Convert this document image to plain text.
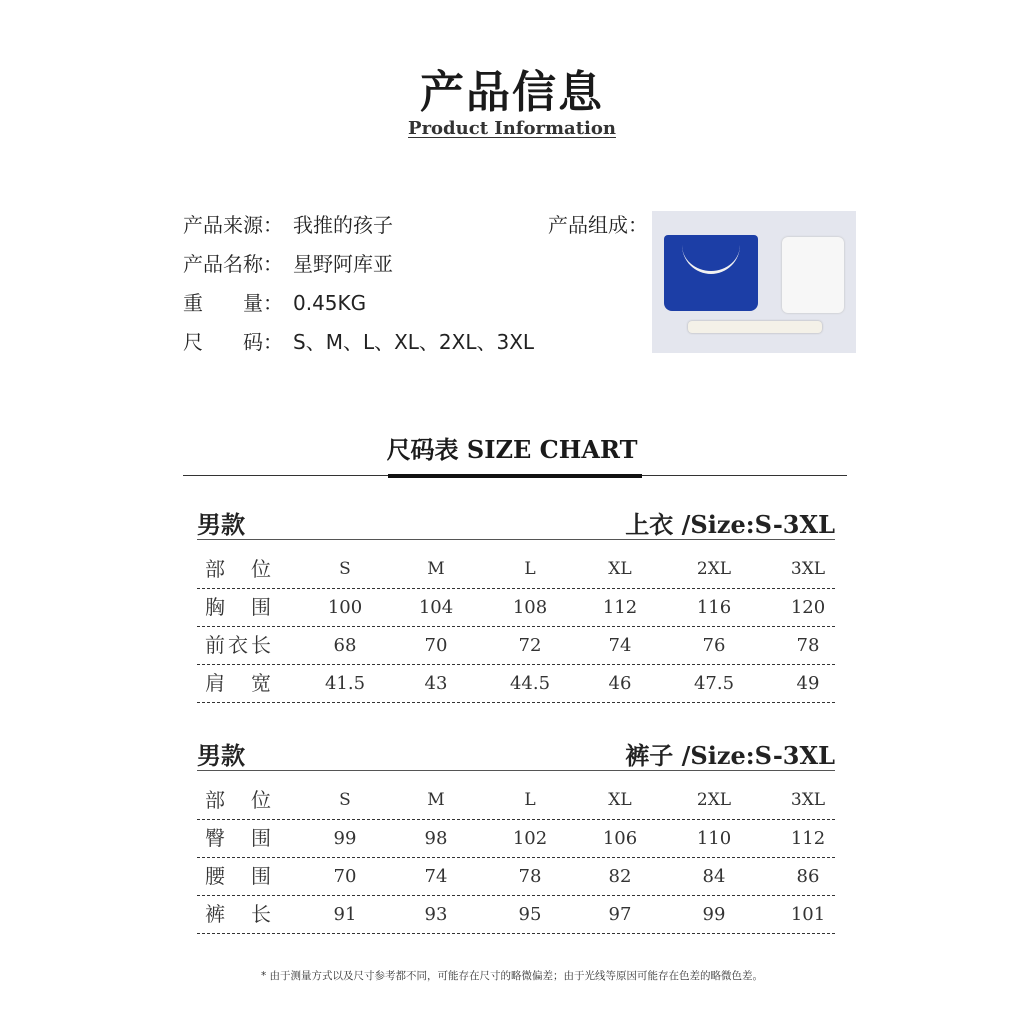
产品信息
Product Information
产品来源： 我推的孩子
产品名称： 星野阿库亚
重　　量： 0.45KG
尺　　码： S、M、L、XL、2XL、3XL
产品组成：
尺码表 SIZE CHART
男款	上衣 /Size:S-3XL
部位	S	M	L	XL	2XL	3XL
胸围	100	104	108	112	116	120
前衣长	68	70	72	74	76	78
肩宽	41.5	43	44.5	46	47.5	49
男款	裤子 /Size:S-3XL
部位	S	M	L	XL	2XL	3XL
臀围	99	98	102	106	110	112
腰围	70	74	78	82	84	86
裤长	91	93	95	97	99	101
* 由于测量方式以及尺寸参考都不同，可能存在尺寸的略微偏差；由于光线等原因可能存在色差的略微色差。
